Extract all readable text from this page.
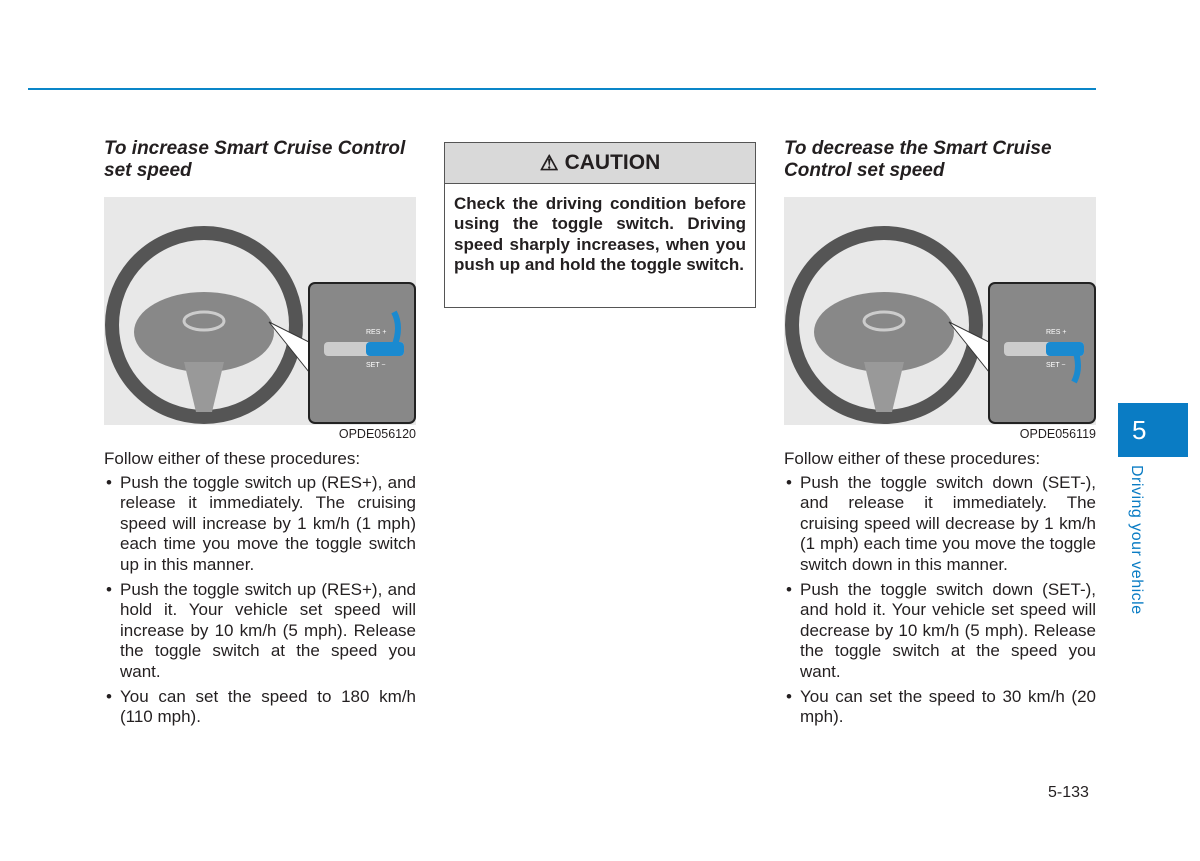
To increase Smart Cruise Control set speed
RES +
SET −
OPDE056120

Follow either of these procedures:

• Push the toggle switch up (RES+), and release it immediately. The cruising speed will increase by 1 km/h (1 mph) each time you move the toggle switch up in this manner.
• Push the toggle switch up (RES+), and hold it. Your vehicle set speed will increase by 10 km/h (5 mph). Release the toggle switch at the speed you want.
• You can set the speed to 180 km/h (110 mph).
⚠ CAUTION
Check the driving condition before using the toggle switch. Driving speed sharply increases, when you push up and hold the toggle switch.
To decrease the Smart Cruise Control set speed
RES +
SET −
OPDE056119

Follow either of these procedures:

• Push the toggle switch down (SET-), and release it immediately. The cruising speed will decrease by 1 km/h (1 mph) each time you move the toggle switch down in this manner.
• Push the toggle switch down (SET-), and hold it. Your vehicle set speed will decrease by 10 km/h (5 mph). Release the toggle switch at the speed you want.
• You can set the speed to 30 km/h (20 mph).
5
Driving your vehicle
5-133
